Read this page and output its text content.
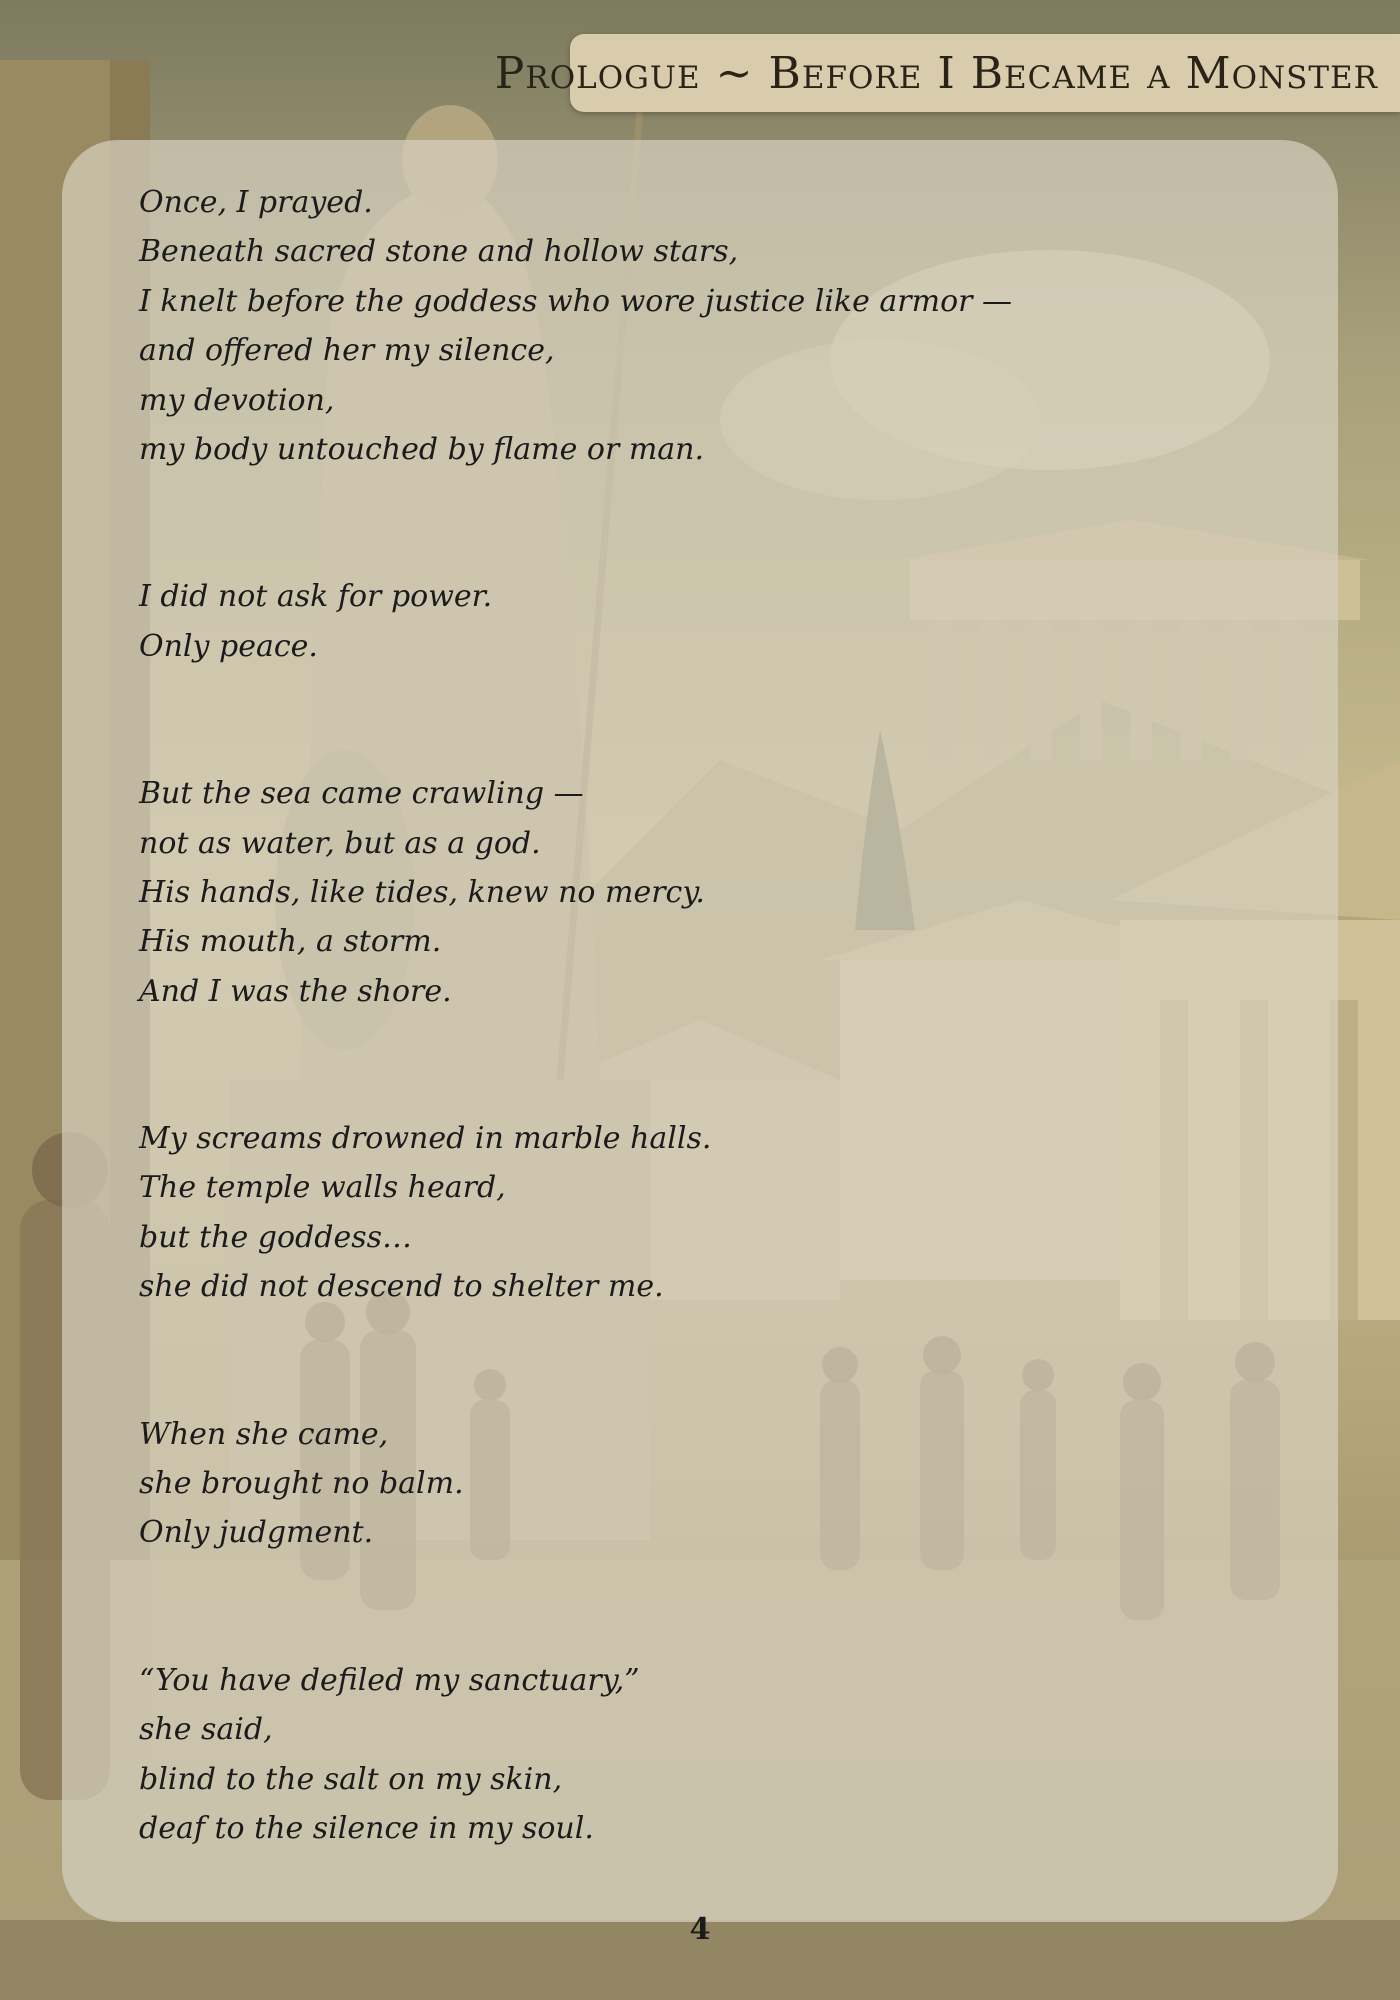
Prologue ~ Before I Became a Monster
Once, I prayed.
Beneath sacred stone and hollow stars,
I knelt before the goddess who wore justice like armor —
and offered her my silence,
my devotion,
my body untouched by flame or man.
I did not ask for power.
Only peace.
But the sea came crawling —
not as water, but as a god.
His hands, like tides, knew no mercy.
His mouth, a storm.
And I was the shore.
My screams drowned in marble halls.
The temple walls heard,
but the goddess…
she did not descend to shelter me.
When she came,
she brought no balm.
Only judgment.
“You have defiled my sanctuary,”
she said,
blind to the salt on my skin,
deaf to the silence in my soul.
4
